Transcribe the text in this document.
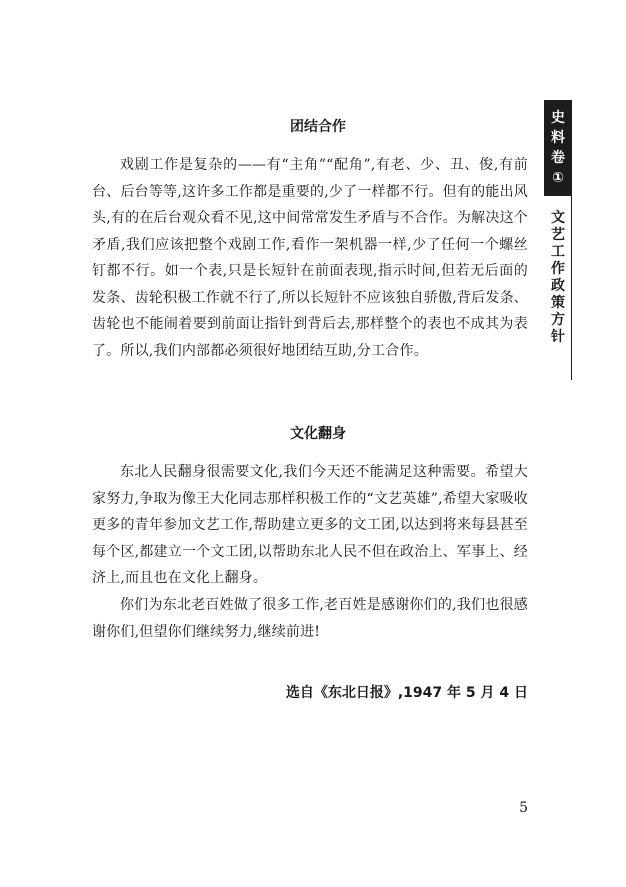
史
料
卷
①
文
艺
工
作
政
策
方
针
团结合作

戏剧工作是复杂的——有“主角”“配角”,有老、少、丑、俊,有前台、后台等等,这许多工作都是重要的,少了一样都不行。但有的能出风头,有的在后台观众看不见,这中间常常发生矛盾与不合作。为解决这个矛盾,我们应该把整个戏剧工作,看作一架机器一样,少了任何一个螺丝钉都不行。如一个表,只是长短针在前面表现,指示时间,但若无后面的发条、齿轮积极工作就不行了,所以长短针不应该独自骄傲,背后发条、齿轮也不能闹着要到前面让指针到背后去,那样整个的表也不成其为表了。所以,我们内部都必须很好地团结互助,分工合作。

文化翻身

东北人民翻身很需要文化,我们今天还不能满足这种需要。希望大家努力,争取为像王大化同志那样积极工作的“文艺英雄”,希望大家吸收更多的青年参加文艺工作,帮助建立更多的文工团,以达到将来每县甚至每个区,都建立一个文工团,以帮助东北人民不但在政治上、军事上、经济上,而且也在文化上翻身。

你们为东北老百姓做了很多工作,老百姓是感谢你们的,我们也很感谢你们,但望你们继续努力,继续前进!

选自《东北日报》,1947 年 5 月 4 日
5
